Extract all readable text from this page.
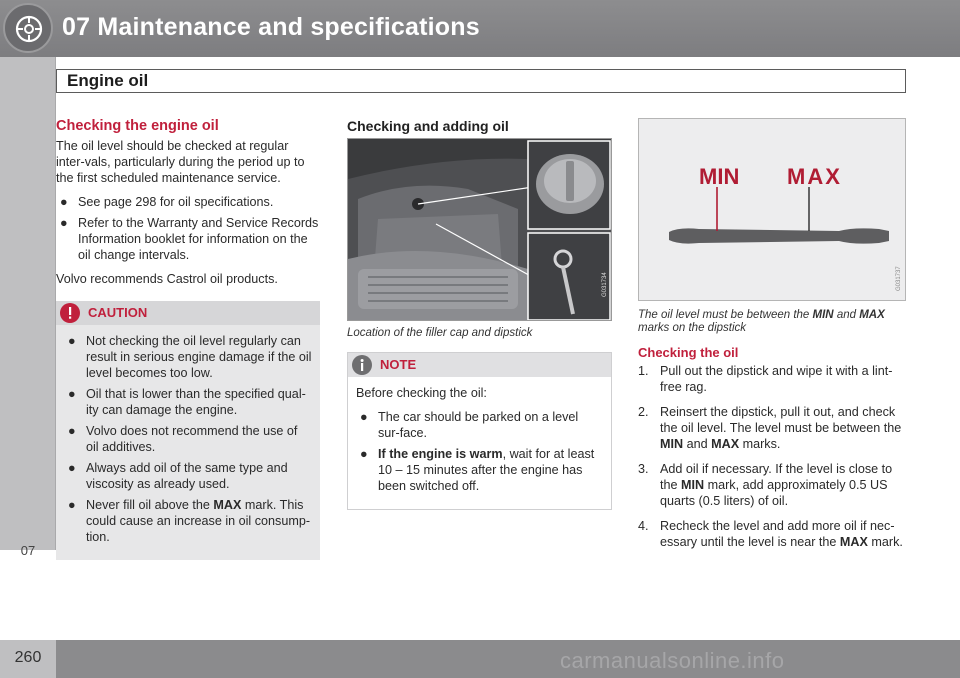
07 Maintenance and specifications
Engine oil
07
Checking the engine oil

The oil level should be checked at regular inter-vals, particularly during the period up to the first scheduled maintenance service.

● See page 298 for oil specifications.
● Refer to the Warranty and Service Records Information booklet for information on the oil change intervals.

Volvo recommends Castrol oil products.

CAUTION
● Not checking the oil level regularly can result in serious engine damage if the oil level becomes too low.
● Oil that is lower than the specified qual-ity can damage the engine.
● Volvo does not recommend the use of oil additives.
● Always add oil of the same type and viscosity as already used.
● Never fill oil above the MAX mark. This could cause an increase in oil consump-tion.
Checking and adding oil
G031734
Location of the filler cap and dipstick
NOTE

Before checking the oil:

● The car should be parked on a level sur-face.
● If the engine is warm, wait for at least 10 – 15 minutes after the engine has been switched off.
MIN MAX
G031737
The oil level must be between the MIN and MAX marks on the dipstick
Checking the oil
1. Pull out the dipstick and wipe it with a lint-free rag.
2. Reinsert the dipstick, pull it out, and check the oil level. The level must be between the MIN and MAX marks.
3. Add oil if necessary. If the level is close to the MIN mark, add approximately 0.5 US quarts (0.5 liters) of oil.
4. Recheck the level and add more oil if nec-essary until the level is near the MAX mark.
260	carmanualsonline.info
